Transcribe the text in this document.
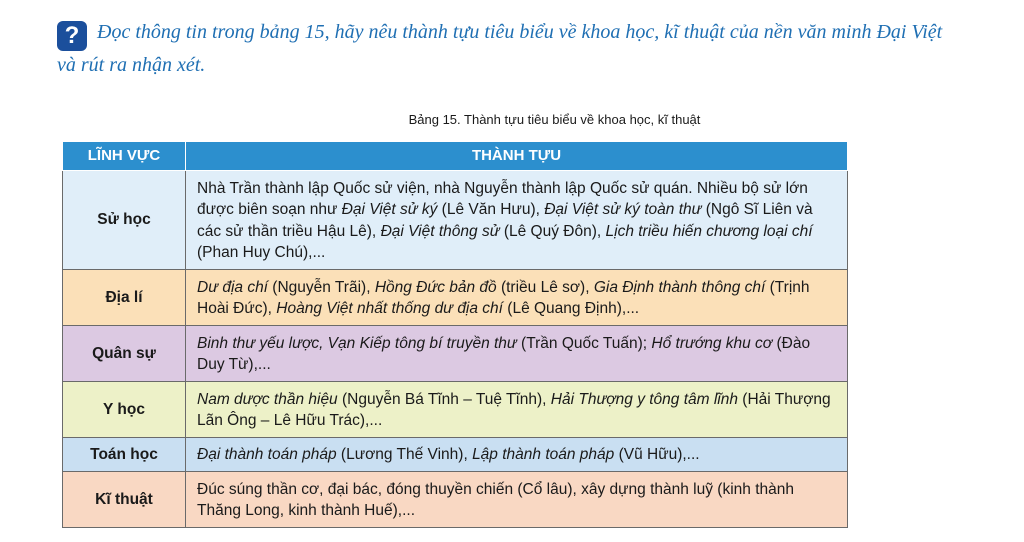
? Đọc thông tin trong bảng 15, hãy nêu thành tựu tiêu biểu về khoa học, kĩ thuật của nền văn minh Đại Việt và rút ra nhận xét.
Bảng 15. Thành tựu tiêu biểu về khoa học, kĩ thuật
LĨNH VỰC	THÀNH TỰU
Sử học	Nhà Trần thành lập Quốc sử viện, nhà Nguyễn thành lập Quốc sử quán. Nhiều bộ sử lớn được biên soạn như Đại Việt sử ký (Lê Văn Hưu), Đại Việt sử ký toàn thư (Ngô Sĩ Liên và các sử thần triều Hậu Lê), Đại Việt thông sử (Lê Quý Đôn), Lịch triều hiến chương loại chí (Phan Huy Chú),...
Địa lí	Dư địa chí (Nguyễn Trãi), Hồng Đức bản đồ (triều Lê sơ), Gia Định thành thông chí (Trịnh Hoài Đức), Hoàng Việt nhất thống dư địa chí (Lê Quang Định),...
Quân sự	Binh thư yếu lược, Vạn Kiếp tông bí truyền thư (Trần Quốc Tuấn); Hổ trướng khu cơ (Đào Duy Từ),...
Y học	Nam dược thần hiệu (Nguyễn Bá Tĩnh – Tuệ Tĩnh), Hải Thượng y tông tâm lĩnh (Hải Thượng Lãn Ông – Lê Hữu Trác),...
Toán học	Đại thành toán pháp (Lương Thế Vinh), Lập thành toán pháp (Vũ Hữu),...
Kĩ thuật	Đúc súng thần cơ, đại bác, đóng thuyền chiến (Cổ lâu), xây dựng thành luỹ (kinh thành Thăng Long, kinh thành Huế),...
